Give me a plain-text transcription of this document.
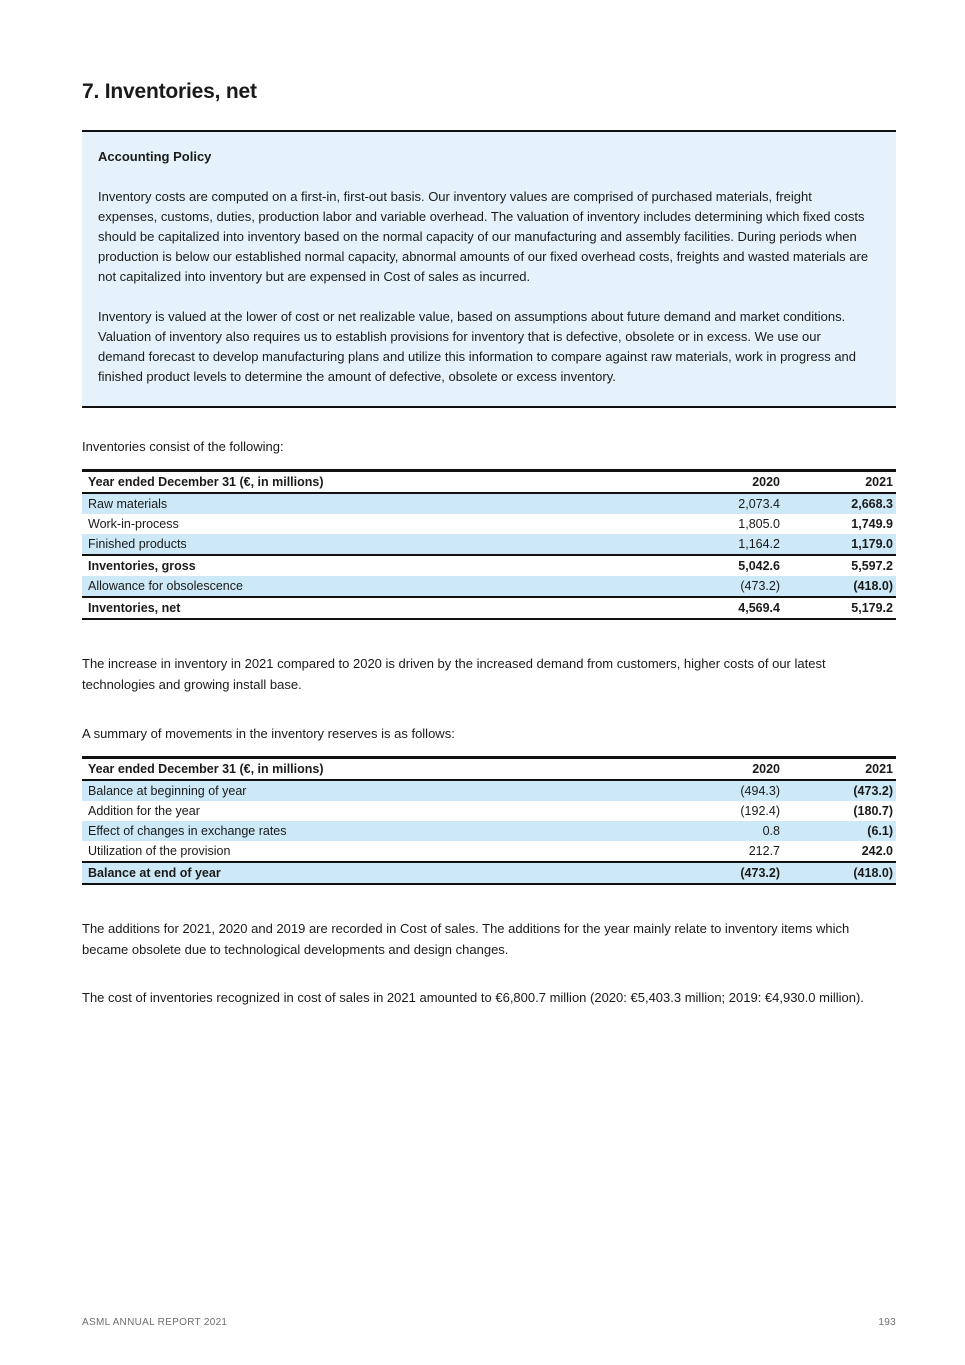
7. Inventories, net

Accounting Policy

Inventory costs are computed on a first-in, first-out basis. Our inventory values are comprised of purchased materials, freight expenses, customs, duties, production labor and variable overhead. The valuation of inventory includes determining which fixed costs should be capitalized into inventory based on the normal capacity of our manufacturing and assembly facilities. During periods when production is below our established normal capacity, abnormal amounts of our fixed overhead costs, freights and wasted materials are not capitalized into inventory but are expensed in Cost of sales as incurred.

Inventory is valued at the lower of cost or net realizable value, based on assumptions about future demand and market conditions. Valuation of inventory also requires us to establish provisions for inventory that is defective, obsolete or in excess. We use our demand forecast to develop manufacturing plans and utilize this information to compare against raw materials, work in progress and finished product levels to determine the amount of defective, obsolete or excess inventory.

Inventories consist of the following:

Year ended December 31 (€, in millions)	2020	2021
Raw materials	2,073.4	2,668.3
Work-in-process	1,805.0	1,749.9
Finished products	1,164.2	1,179.0
Inventories, gross	5,042.6	5,597.2
Allowance for obsolescence	(473.2)	(418.0)
Inventories, net	4,569.4	5,179.2

The increase in inventory in 2021 compared to 2020 is driven by the increased demand from customers, higher costs of our latest technologies and growing install base.

A summary of movements in the inventory reserves is as follows:

Year ended December 31 (€, in millions)	2020	2021
Balance at beginning of year	(494.3)	(473.2)
Addition for the year	(192.4)	(180.7)
Effect of changes in exchange rates	0.8	(6.1)
Utilization of the provision	212.7	242.0
Balance at end of year	(473.2)	(418.0)

The additions for 2021, 2020 and 2019 are recorded in Cost of sales. The additions for the year mainly relate to inventory items which became obsolete due to technological developments and design changes.

The cost of inventories recognized in cost of sales in 2021 amounted to €6,800.7 million (2020: €5,403.3 million; 2019: €4,930.0 million).

ASML ANNUAL REPORT 2021	193
